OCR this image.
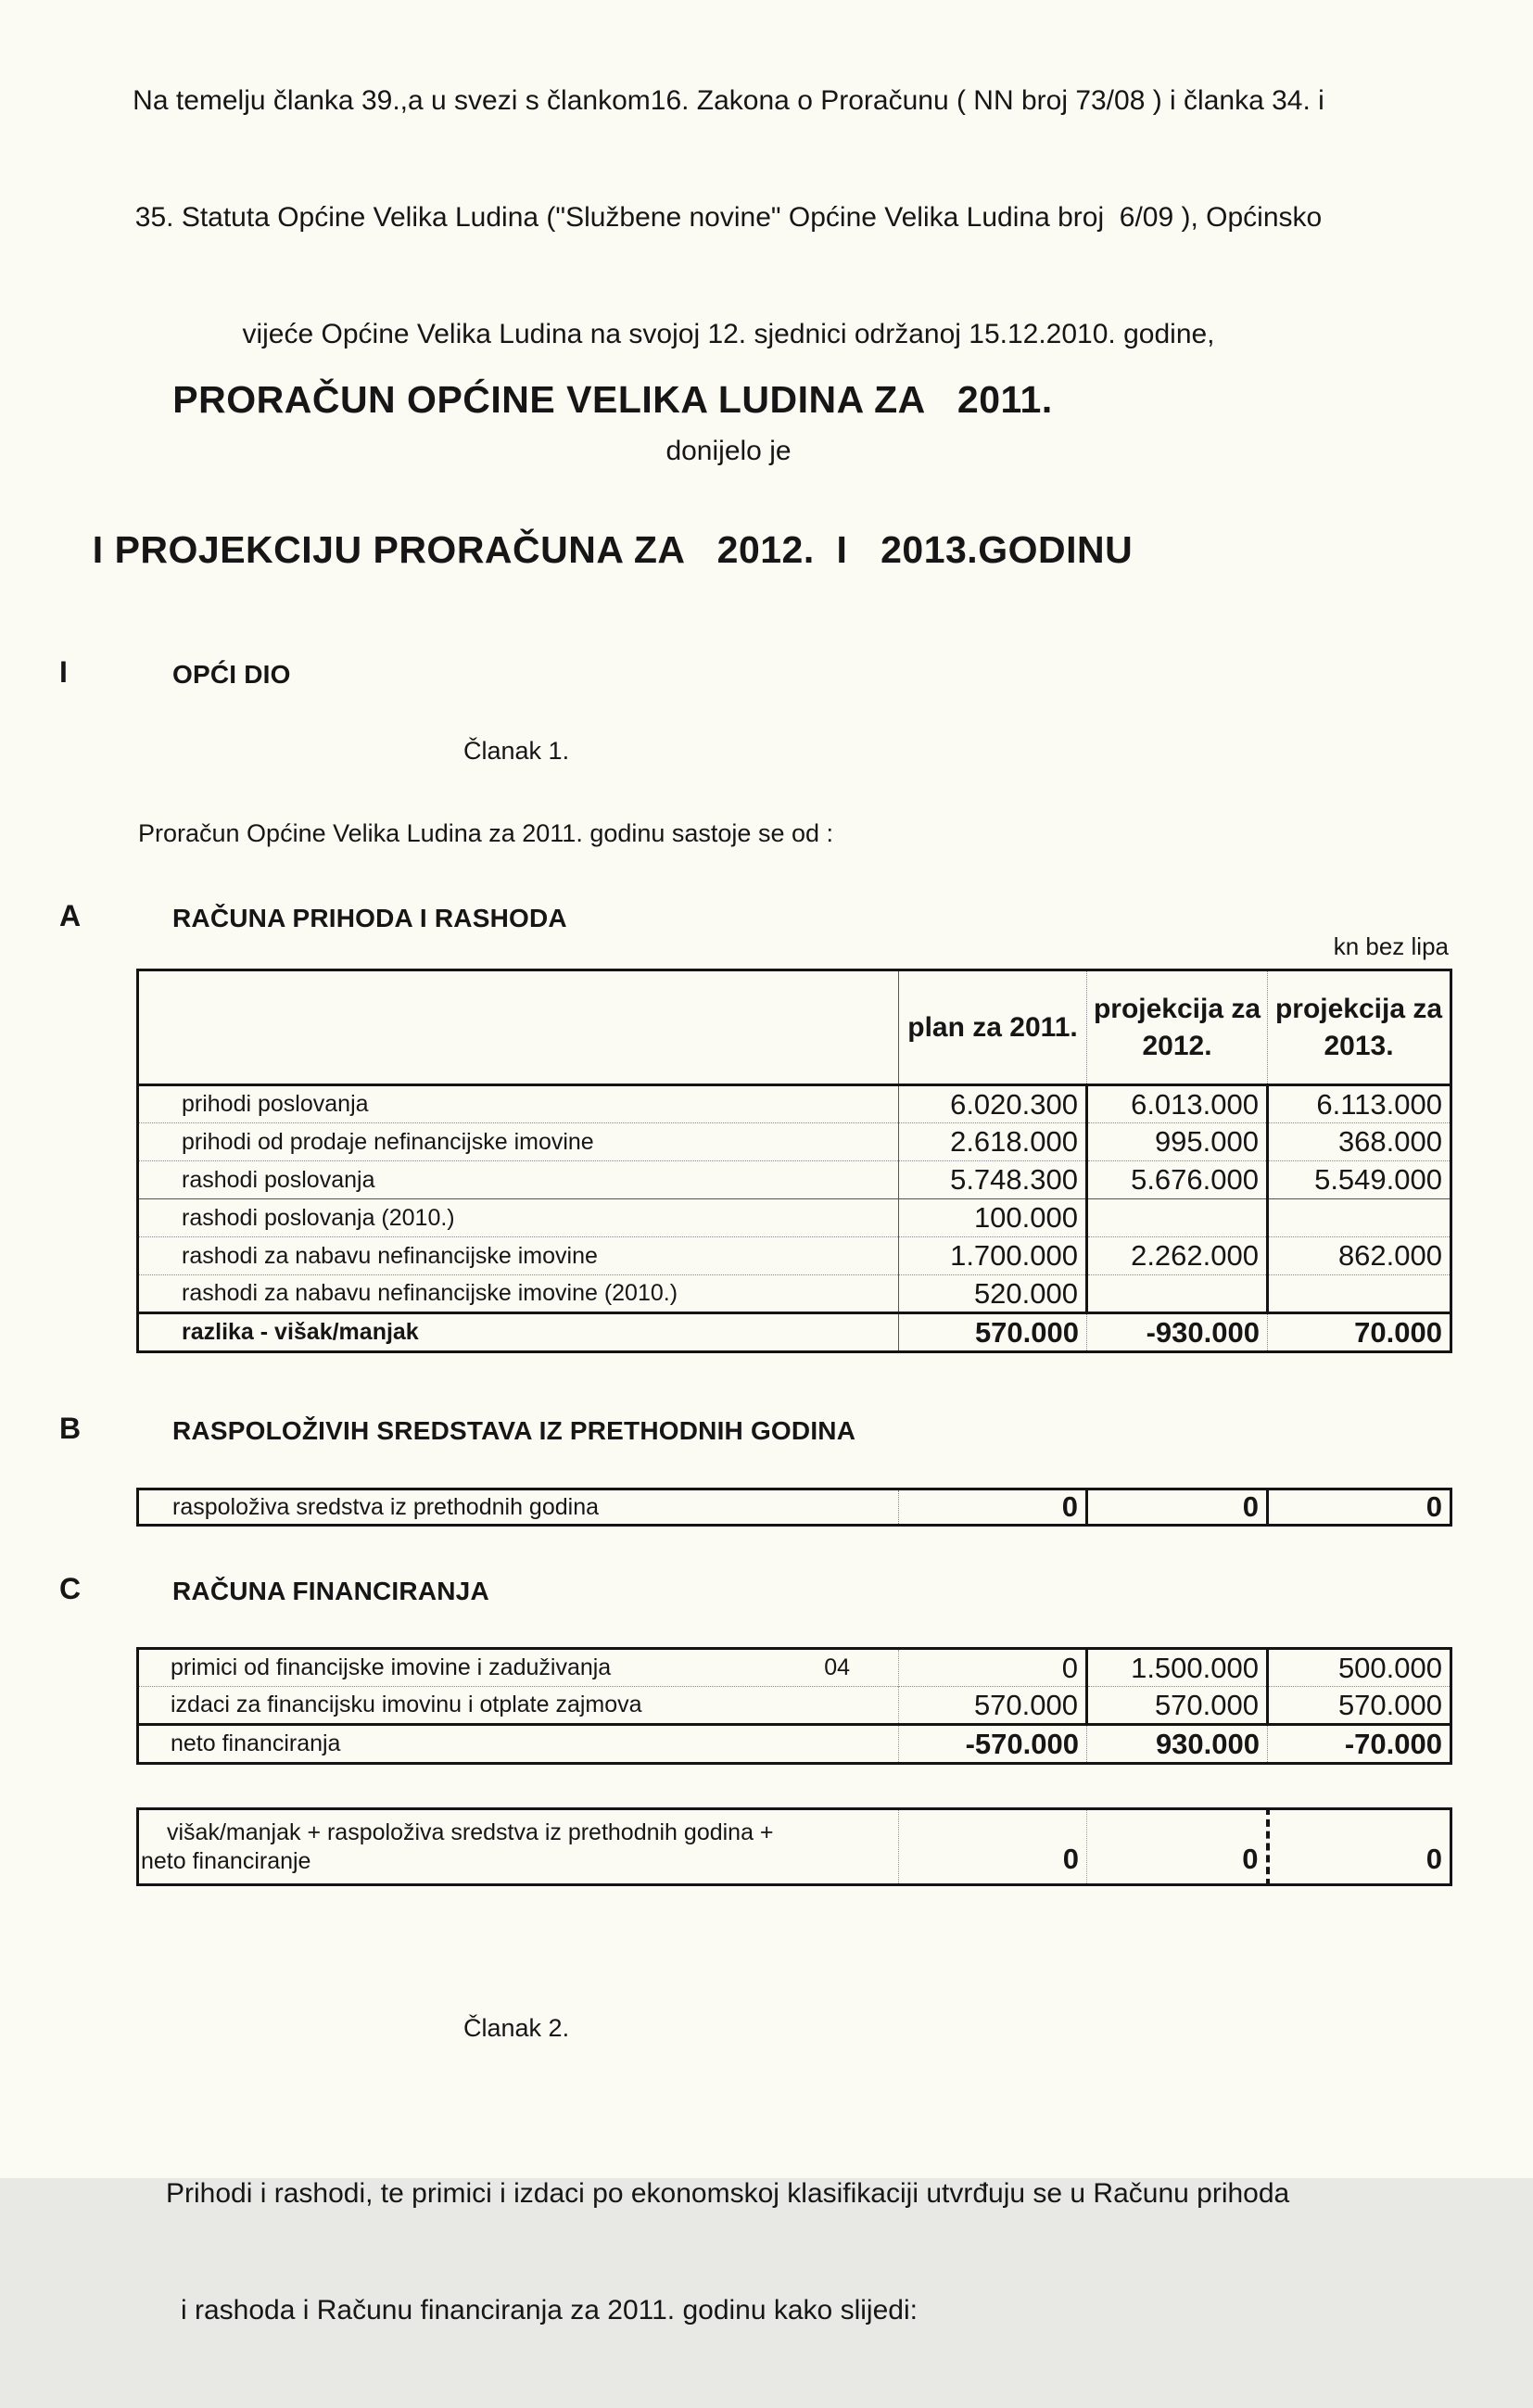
Na temelju članka 39.,a u svezi s člankom16. Zakona o Proračunu ( NN broj 73/08 ) i članka 34. i

35. Statuta Općine Velika Ludina ("Službene novine" Općine Velika Ludina broj  6/09 ), Općinsko

vijeće Općine Velika Ludina na svojoj 12. sjednici održanoj 15.12.2010. godine,

donijelo je

PRORAČUN OPĆINE VELIKA LUDINA ZA   2011.

I PROJEKCIJU PRORAČUNA ZA   2012.  I   2013.GODINU

I	OPĆI DIO
Članak 1.
Proračun Općine Velika Ludina za 2011. godinu sastoje se od :
A	RAČUNA PRIHODA I RASHODA
kn bez lipa
	plan za 2011.	projekcija za 2012.	projekcija za 2013.
prihodi poslovanja	6.020.300	6.013.000	6.113.000
prihodi od prodaje nefinancijske imovine	2.618.000	995.000	368.000
rashodi poslovanja	5.748.300	5.676.000	5.549.000
rashodi poslovanja (2010.)	100.000		
rashodi za nabavu nefinancijske imovine	1.700.000	2.262.000	862.000
rashodi za nabavu nefinancijske imovine (2010.)	520.000		
razlika - višak/manjak	570.000	-930.000	70.000
B	RASPOLOŽIVIH SREDSTAVA IZ PRETHODNIH GODINA
raspoloživa sredstva iz prethodnih godina	0	0	0
C	RAČUNA FINANCIRANJA
primici od financijske imovine i zaduživanja 04	0	1.500.000	500.000
izdaci za financijsku imovinu i otplate zajmova	570.000	570.000	570.000
neto financiranja	-570.000	930.000	-70.000
višak/manjak + raspoloživa sredstva iz prethodnih godina +
neto financiranje	0	0	0
Članak 2.

Prihodi i rashodi, te primici i izdaci po ekonomskoj klasifikaciji utvrđuju se u Računu prihoda

i rashoda i Računu financiranja za 2011. godinu kako slijedi:
